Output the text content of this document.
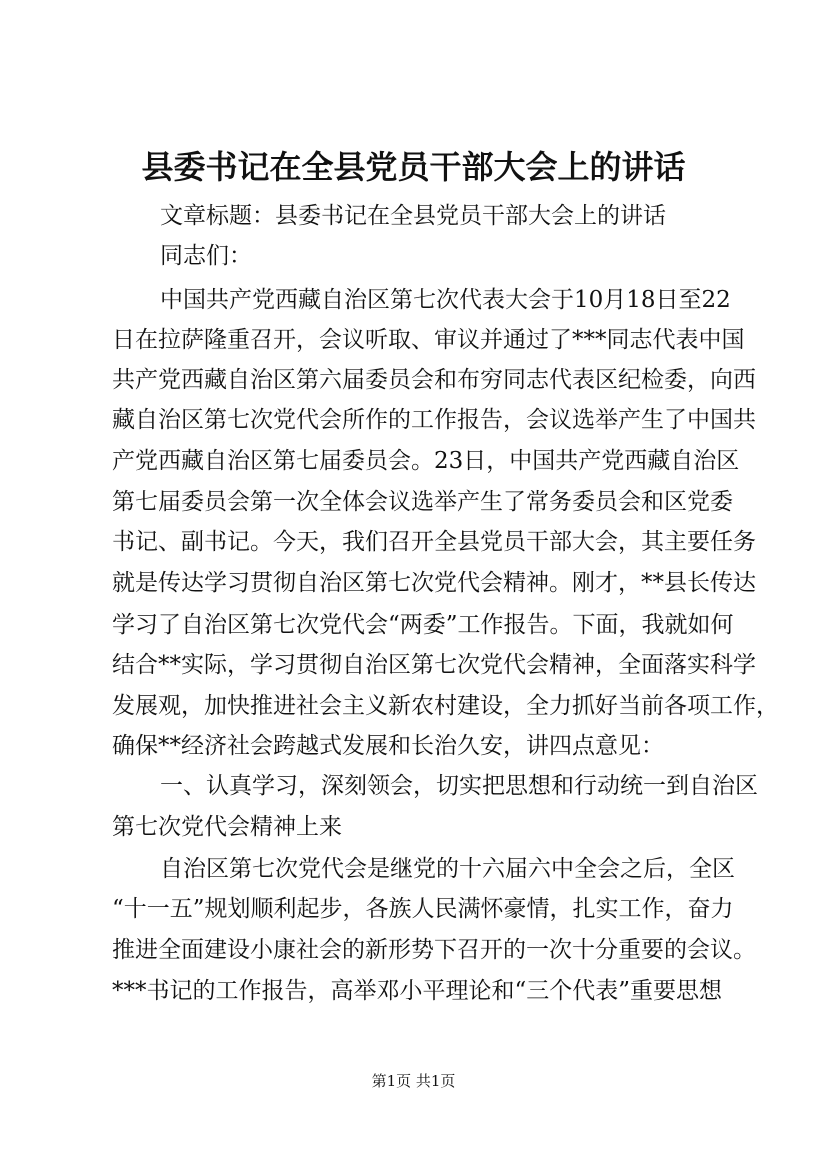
县委书记在全县党员干部大会上的讲话
文章标题：县委书记在全县党员干部大会上的讲话
同志们：
中国共产党西藏自治区第七次代表大会于10月18日至22
日在拉萨隆重召开，会议听取、审议并通过了***同志代表中国
共产党西藏自治区第六届委员会和布穷同志代表区纪检委，向西
藏自治区第七次党代会所作的工作报告，会议选举产生了中国共
产党西藏自治区第七届委员会。23日，中国共产党西藏自治区
第七届委员会第一次全体会议选举产生了常务委员会和区党委
书记、副书记。今天，我们召开全县党员干部大会，其主要任务
就是传达学习贯彻自治区第七次党代会精神。刚才，**县长传达
学习了自治区第七次党代会“两委”工作报告。下面，我就如何
结合**实际，学习贯彻自治区第七次党代会精神，全面落实科学
发展观，加快推进社会主义新农村建设，全力抓好当前各项工作，
确保**经济社会跨越式发展和长治久安，讲四点意见：
一、认真学习，深刻领会，切实把思想和行动统一到自治区
第七次党代会精神上来
自治区第七次党代会是继党的十六届六中全会之后，全区
“十一五”规划顺利起步，各族人民满怀豪情，扎实工作，奋力
推进全面建设小康社会的新形势下召开的一次十分重要的会议。
***书记的工作报告，高举邓小平理论和“三个代表”重要思想
第1页 共1页
